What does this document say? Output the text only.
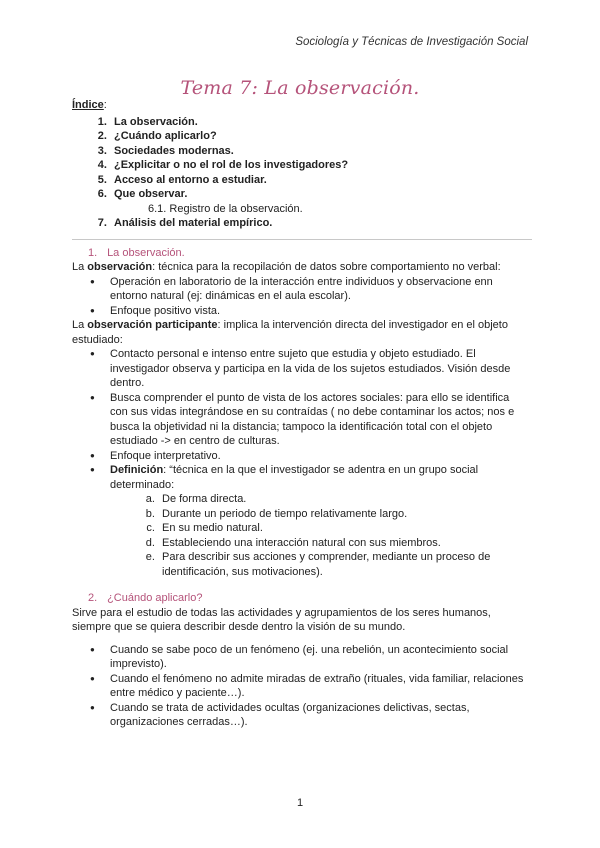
Sociología y Técnicas de Investigación Social
Tema 7: La observación.
Índice:
1. La observación.
2. ¿Cuándo aplicarlo?
3. Sociedades modernas.
4. ¿Explicitar o no el rol de los investigadores?
5. Acceso al entorno a estudiar.
6. Que observar.
6.1. Registro de la observación.
7. Análisis del material empírico.
1. La observación.

La observación: técnica para la recopilación de datos sobre comportamiento no verbal:

● Operación en laboratorio de la interacción entre individuos y observacione enn entorno natural (ej: dinámicas en el aula escolar).
● Enfoque positivo vista.

La observación participante: implica la intervención directa del investigador en el objeto estudiado:

● Contacto personal e intenso entre sujeto que estudia y objeto estudiado. El investigador observa y participa en la vida de los sujetos estudiados. Visión desde dentro.
● Busca comprender el punto de vista de los actores sociales: para ello se identifica con sus vidas integrándose en su contraídas ( no debe contaminar los actos; nos e busca la objetividad ni la distancia; tampoco la identificación total con el objeto estudiado -> en centro de culturas.
● Enfoque interpretativo.
● Definición: “técnica en la que el investigador se adentra en un grupo social determinado:
a. De forma directa.
b. Durante un periodo de tiempo relativamente largo.
c. En su medio natural.
d. Estableciendo una interacción natural con sus miembros.
e. Para describir sus acciones y comprender, mediante un proceso de identificación, sus motivaciones).
2. ¿Cuándo aplicarlo?

Sirve para el estudio de todas las actividades y agrupamientos de los seres humanos, siempre que se quiera describir desde dentro la visión de su mundo.

● Cuando se sabe poco de un fenómeno (ej. una rebelión, un acontecimiento social imprevisto).
● Cuando el fenómeno no admite miradas de extraño (rituales, vida familiar, relaciones entre médico y paciente…).
● Cuando se trata de actividades ocultas (organizaciones delictivas, sectas, organizaciones cerradas…).
1
